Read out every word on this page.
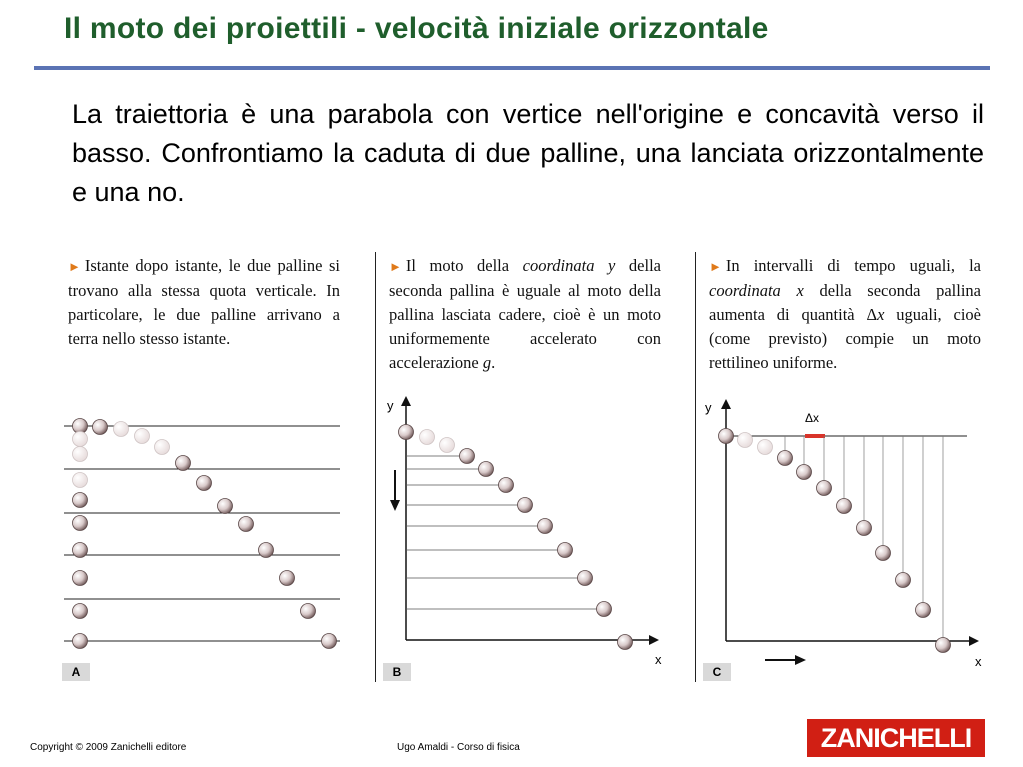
Il moto dei proiettili - velocità iniziale orizzontale
La traiettoria è una parabola con vertice nell'origine e concavità verso il basso. Confrontiamo la caduta di due palline, una lanciata orizzontalmente e una no.
► Istante dopo istante, le due palline si trovano alla stessa quota verticale. In particolare, le due palline arrivano a terra nello stesso istante.
A
► Il moto della coordinata y della seconda pallina è uguale al moto della pallina lasciata cadere, cioè è un moto uniformemente accelerato con accelerazione g.
y
x
B
► In intervalli di tempo uguali, la coordinata x della seconda pallina aumenta di quantità Δx uguali, cioè (come previsto) compie un moto rettilineo uniforme.
y
x
Δx
C
Copyright © 2009 Zanichelli editore	Ugo Amaldi - Corso di fisica	ZANICHELLI
